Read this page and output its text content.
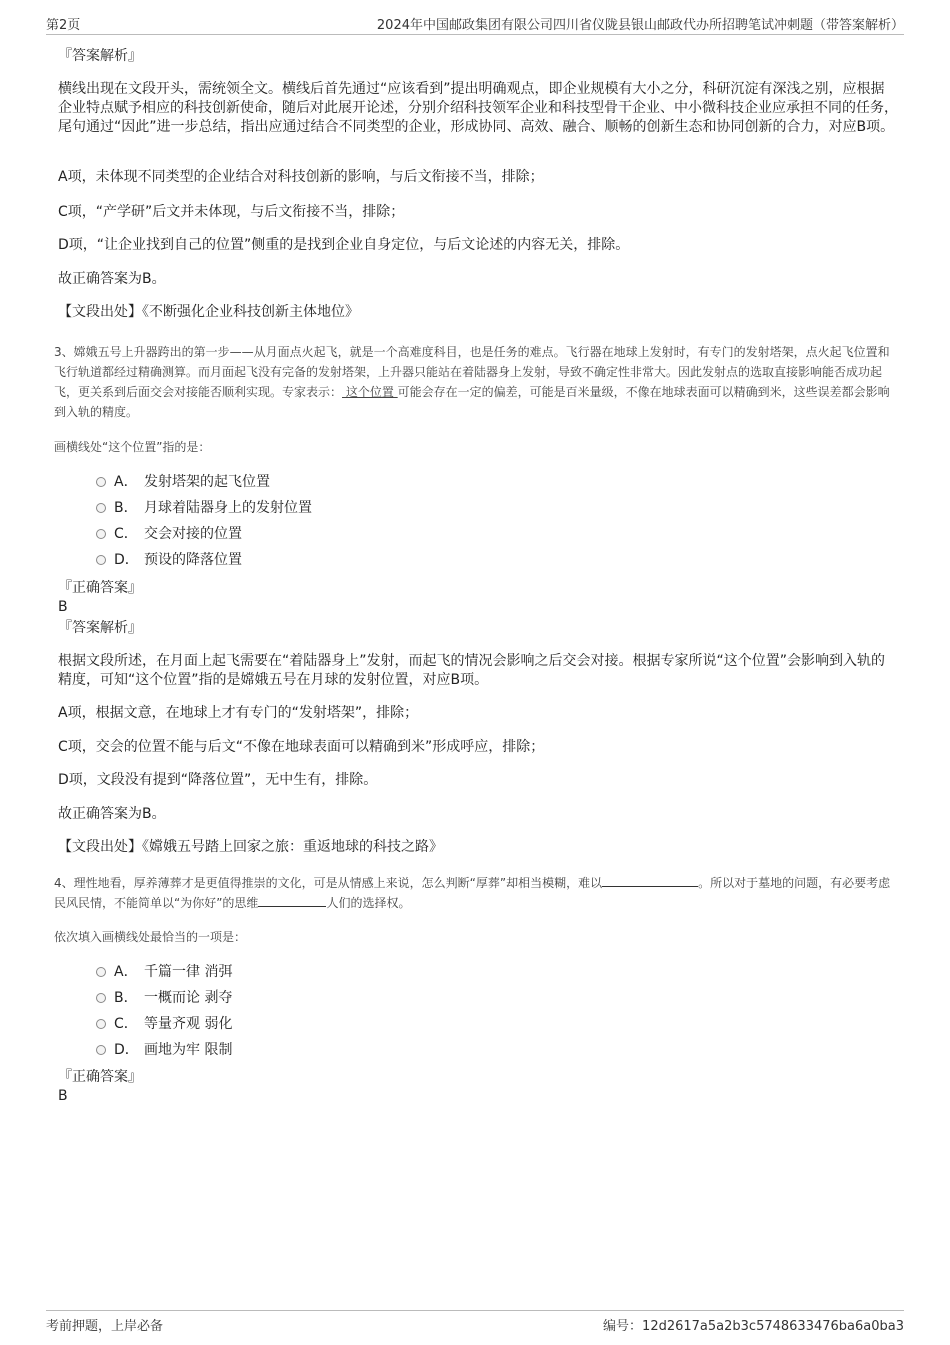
第2页	2024年中国邮政集团有限公司四川省仪陇县银山邮政代办所招聘笔试冲刺题（带答案解析）
『答案解析』
横线出现在文段开头，需统领全文。横线后首先通过“应该看到”提出明确观点，即企业规模有大小之分，科研沉淀有深浅之别，应根据企业特点赋予相应的科技创新使命，随后对此展开论述，分别介绍科技领军企业和科技型骨干企业、中小微科技企业应承担不同的任务，尾句通过“因此”进一步总结，指出应通过结合不同类型的企业，形成协同、高效、融合、顺畅的创新生态和协同创新的合力，对应B项。
A项，未体现不同类型的企业结合对科技创新的影响，与后文衔接不当，排除；
C项，“产学研”后文并未体现，与后文衔接不当，排除；
D项，“让企业找到自己的位置”侧重的是找到企业自身定位，与后文论述的内容无关，排除。
故正确答案为B。
【文段出处】《不断强化企业科技创新主体地位》
3、嫦娥五号上升器跨出的第一步——从月面点火起飞，就是一个高难度科目，也是任务的难点。飞行器在地球上发射时，有专门的发射塔架，点火起飞位置和飞行轨道都经过精确测算。而月面起飞没有完备的发射塔架，上升器只能站在着陆器身上发射，导致不确定性非常大。因此发射点的选取直接影响能否成功起飞，更关系到后面交会对接能否顺利实现。专家表示： 这个位置 可能会存在一定的偏差，可能是百米量级，不像在地球表面可以精确到米，这些误差都会影响到入轨的精度。
画横线处“这个位置”指的是：
A． 发射塔架的起飞位置
B． 月球着陆器身上的发射位置
C． 交会对接的位置
D． 预设的降落位置
『正确答案』
B
『答案解析』
根据文段所述，在月面上起飞需要在“着陆器身上”发射，而起飞的情况会影响之后交会对接。根据专家所说“这个位置”会影响到入轨的精度，可知“这个位置”指的是嫦娥五号在月球的发射位置，对应B项。
A项，根据文意，在地球上才有专门的“发射塔架”，排除；
C项，交会的位置不能与后文“不像在地球表面可以精确到米”形成呼应，排除；
D项，文段没有提到“降落位置”，无中生有，排除。
故正确答案为B。
【文段出处】《嫦娥五号踏上回家之旅：重返地球的科技之路》
4、理性地看，厚养薄葬才是更值得推崇的文化，可是从情感上来说，怎么判断“厚葬”却相当模糊，难以	。所以对于墓地的问题，有必要考虑民风民情，不能简单以“为你好”的思维	人们的选择权。
依次填入画横线处最恰当的一项是：
A． 千篇一律 消弭
B． 一概而论 剥夺
C． 等量齐观 弱化
D． 画地为牢 限制
『正确答案』
B
考前押题，上岸必备	编号：12d2617a5a2b3c5748633476ba6a0ba3
